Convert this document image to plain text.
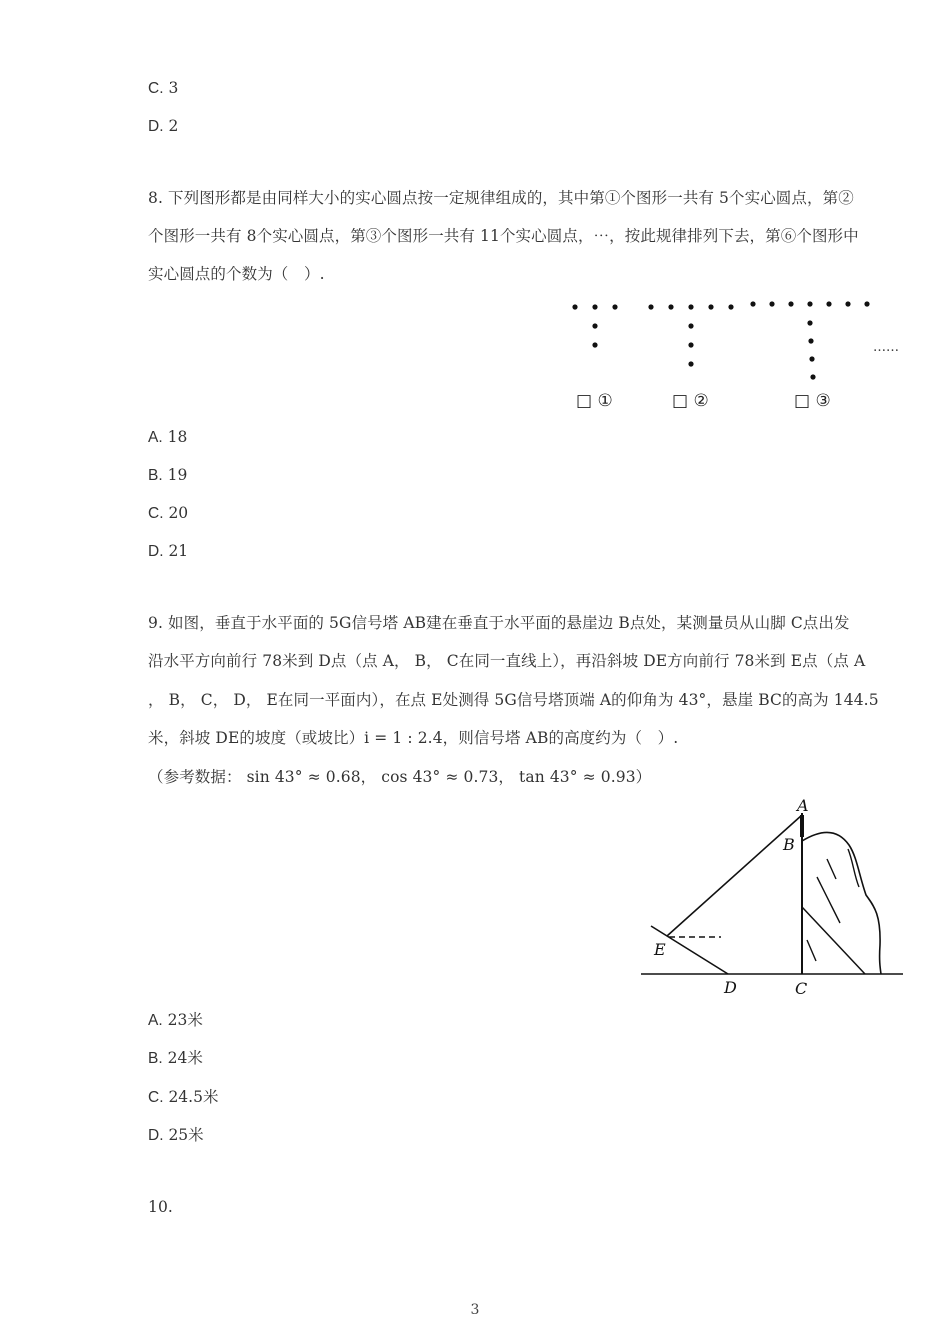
C. 3
D. 2
8. 下列图形都是由同样大小的实心圆点按一定规律组成的，其中第①个图形一共有 5个实心圆点，第②
个图形一共有 8个实心圆点，第③个图形一共有 11个实心圆点，⋯，按此规律排列下去，第⑥个图形中
实心圆点的个数为（　）.
……
□ ①	□ ②	□ ③
A. 18
B. 19
C. 20
D. 21
9. 如图，垂直于水平面的 5G信号塔 AB建在垂直于水平面的悬崖边 B点处，某测量员从山脚 C点出发
沿水平方向前行 78米到 D点（点 A， B， C在同一直线上），再沿斜坡 DE方向前行 78米到 E点（点 A
， B， C， D， E在同一平面内），在点 E处测得 5G信号塔顶端 A的仰角为 43°，悬崖 BC的高为 144.5
米，斜坡 DE的坡度（或坡比）i = 1 : 2.4，则信号塔 AB的高度约为（　）.
（参考数据： sin 43° ≈ 0.68， cos 43° ≈ 0.73， tan 43° ≈ 0.93）
A
B
E
D	C
A. 23米
B. 24米
C. 24.5米
D. 25米
10.
3
